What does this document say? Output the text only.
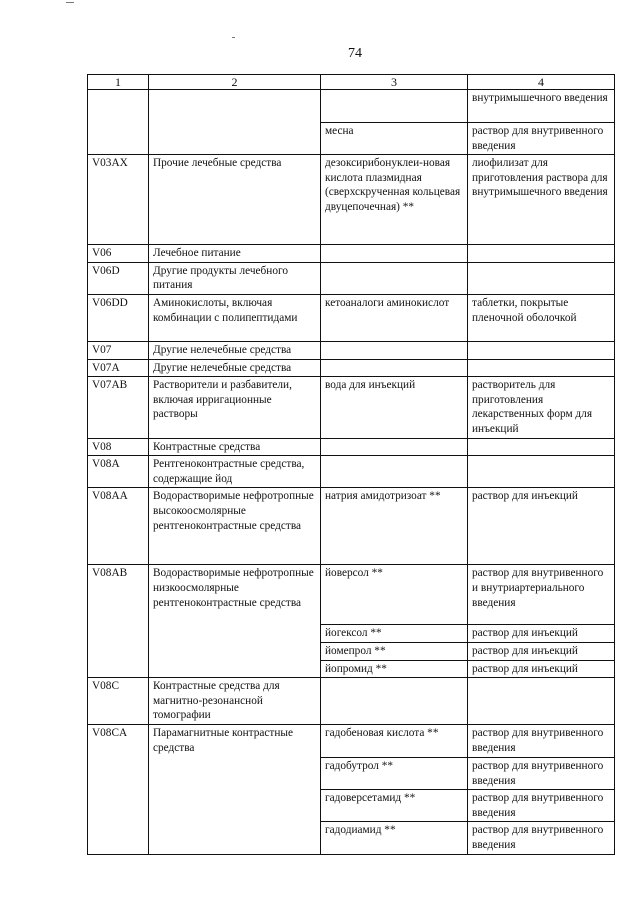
74
1	2	3	4
			внутримышечного введения
		месна	раствор для внутривенного введения
V03AX	Прочие лечебные средства	дезоксирибонуклеи-новая кислота плазмидная (сверхскрученная кольцевая двуцепочечная) **	лиофилизат для приготовления раствора для внутримышечного введения
V06	Лечебное питание		
V06D	Другие продукты лечебного питания		
V06DD	Аминокислоты, включая комбинации с полипептидами	кетоаналоги аминокислот	таблетки, покрытые пленочной оболочкой
V07	Другие нелечебные средства		
V07A	Другие нелечебные средства		
V07AB	Растворители и разбавители, включая ирригационные растворы	вода для инъекций	растворитель для приготовления лекарственных форм для инъекций
V08	Контрастные средства		
V08A	Рентгеноконтрастные средства, содержащие йод		
V08AA	Водорастворимые нефротропные высокоосмолярные рентгеноконтрастные средства	натрия амидотризоат **	раствор для инъекций
V08AB	Водорастворимые нефротропные низкоосмолярные рентгеноконтрастные средства	йоверсол **	раствор для внутривенного и внутриартериального введения
		йогексол **	раствор для инъекций
		йомепрол **	раствор для инъекций
		йопромид **	раствор для инъекций
V08C	Контрастные средства для магнитно-резонансной томографии		
V08CA	Парамагнитные контрастные средства	гадобеновая кислота **	раствор для внутривенного введения
		гадобутрол **	раствор для внутривенного введения
		гадоверсетамид **	раствор для внутривенного введения
		гадодиамид **	раствор для внутривенного введения
